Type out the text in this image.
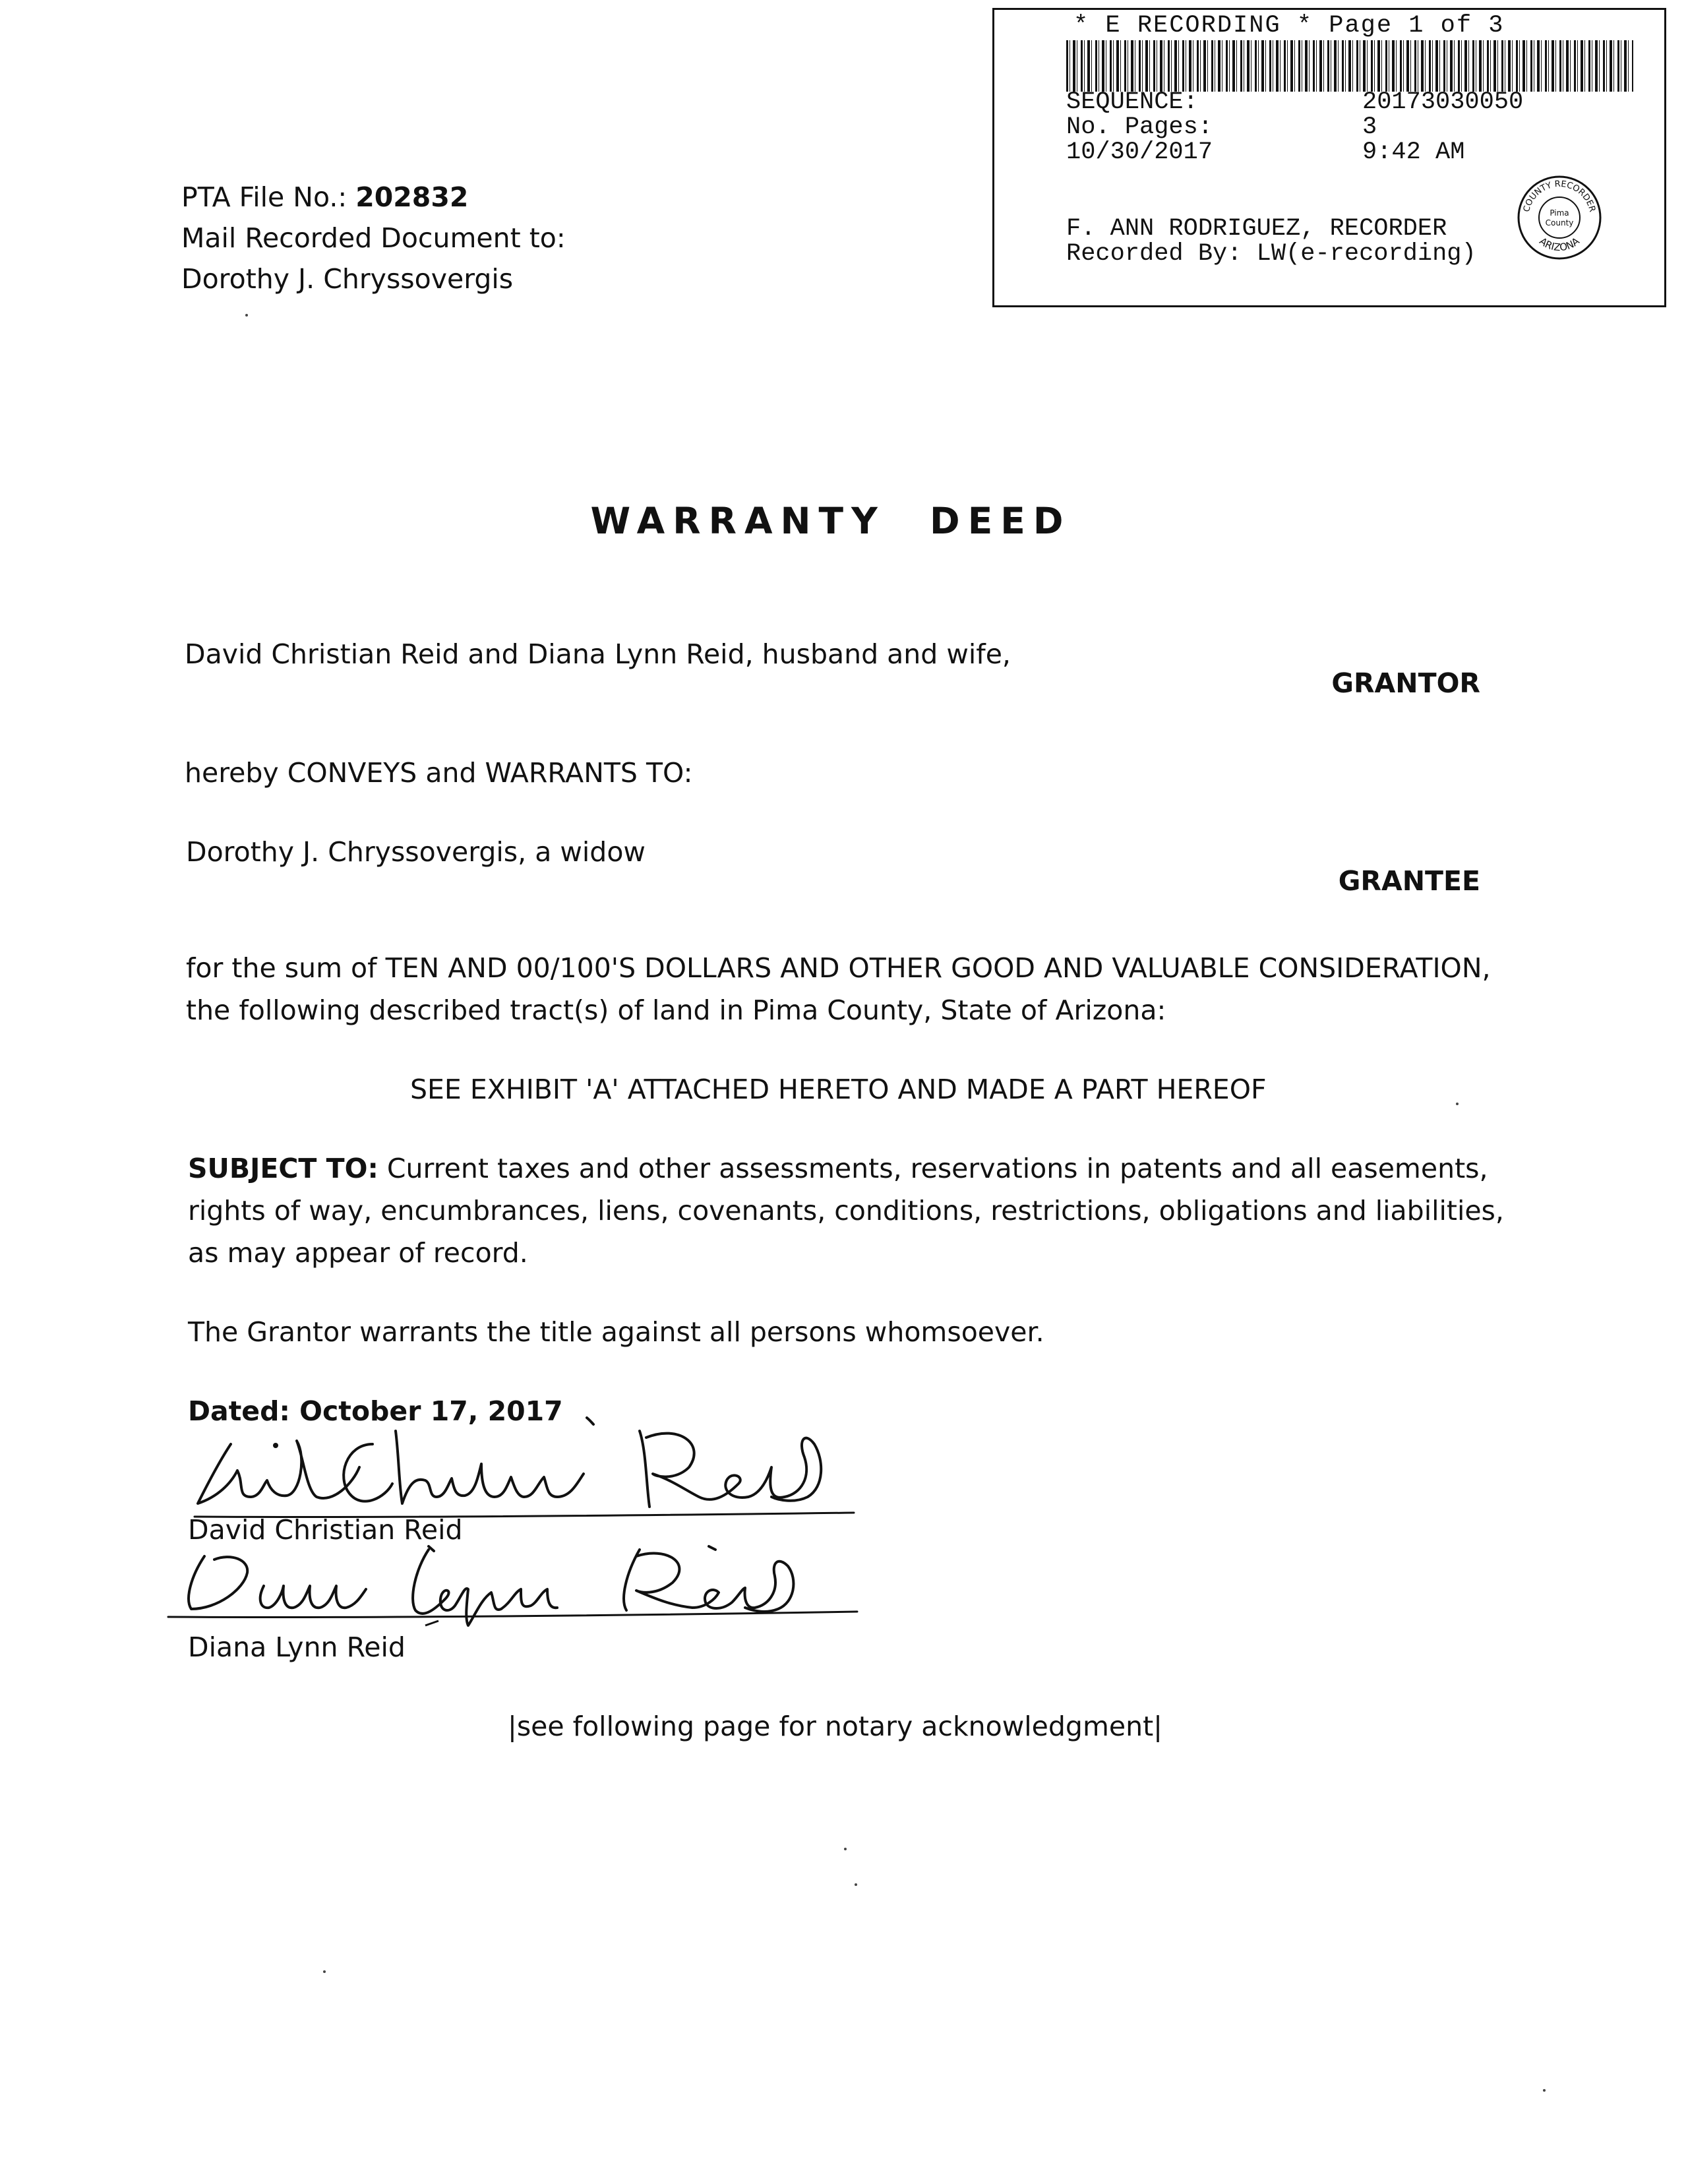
* E RECORDING * Page 1 of 3
SEQUENCE:	20173030050
No. Pages:	3
10/30/2017	9:42 AM
F. ANN RODRIGUEZ, RECORDER
Recorded By: LW(e-recording)
COUNTY RECORDER
ARIZONA
Pima
County
PTA File No.: 202832
Mail Recorded Document to:
Dorothy J. Chryssovergis
WARRANTY DEED
David Christian Reid and Diana Lynn Reid, husband and wife,
GRANTOR
hereby CONVEYS and WARRANTS TO:
Dorothy J. Chryssovergis, a widow
GRANTEE
for the sum of TEN AND 00/100'S DOLLARS AND OTHER GOOD AND VALUABLE CONSIDERATION,
the following described tract(s) of land in Pima County, State of Arizona:
SEE EXHIBIT 'A' ATTACHED HERETO AND MADE A PART HEREOF
SUBJECT TO: Current taxes and other assessments, reservations in patents and all easements,
rights of way, encumbrances, liens, covenants, conditions, restrictions, obligations and liabilities,
as may appear of record.
The Grantor warrants the title against all persons whomsoever.
Dated: October 17, 2017
David Christian Reid
Diana Lynn Reid
|see following page for notary acknowledgment|
